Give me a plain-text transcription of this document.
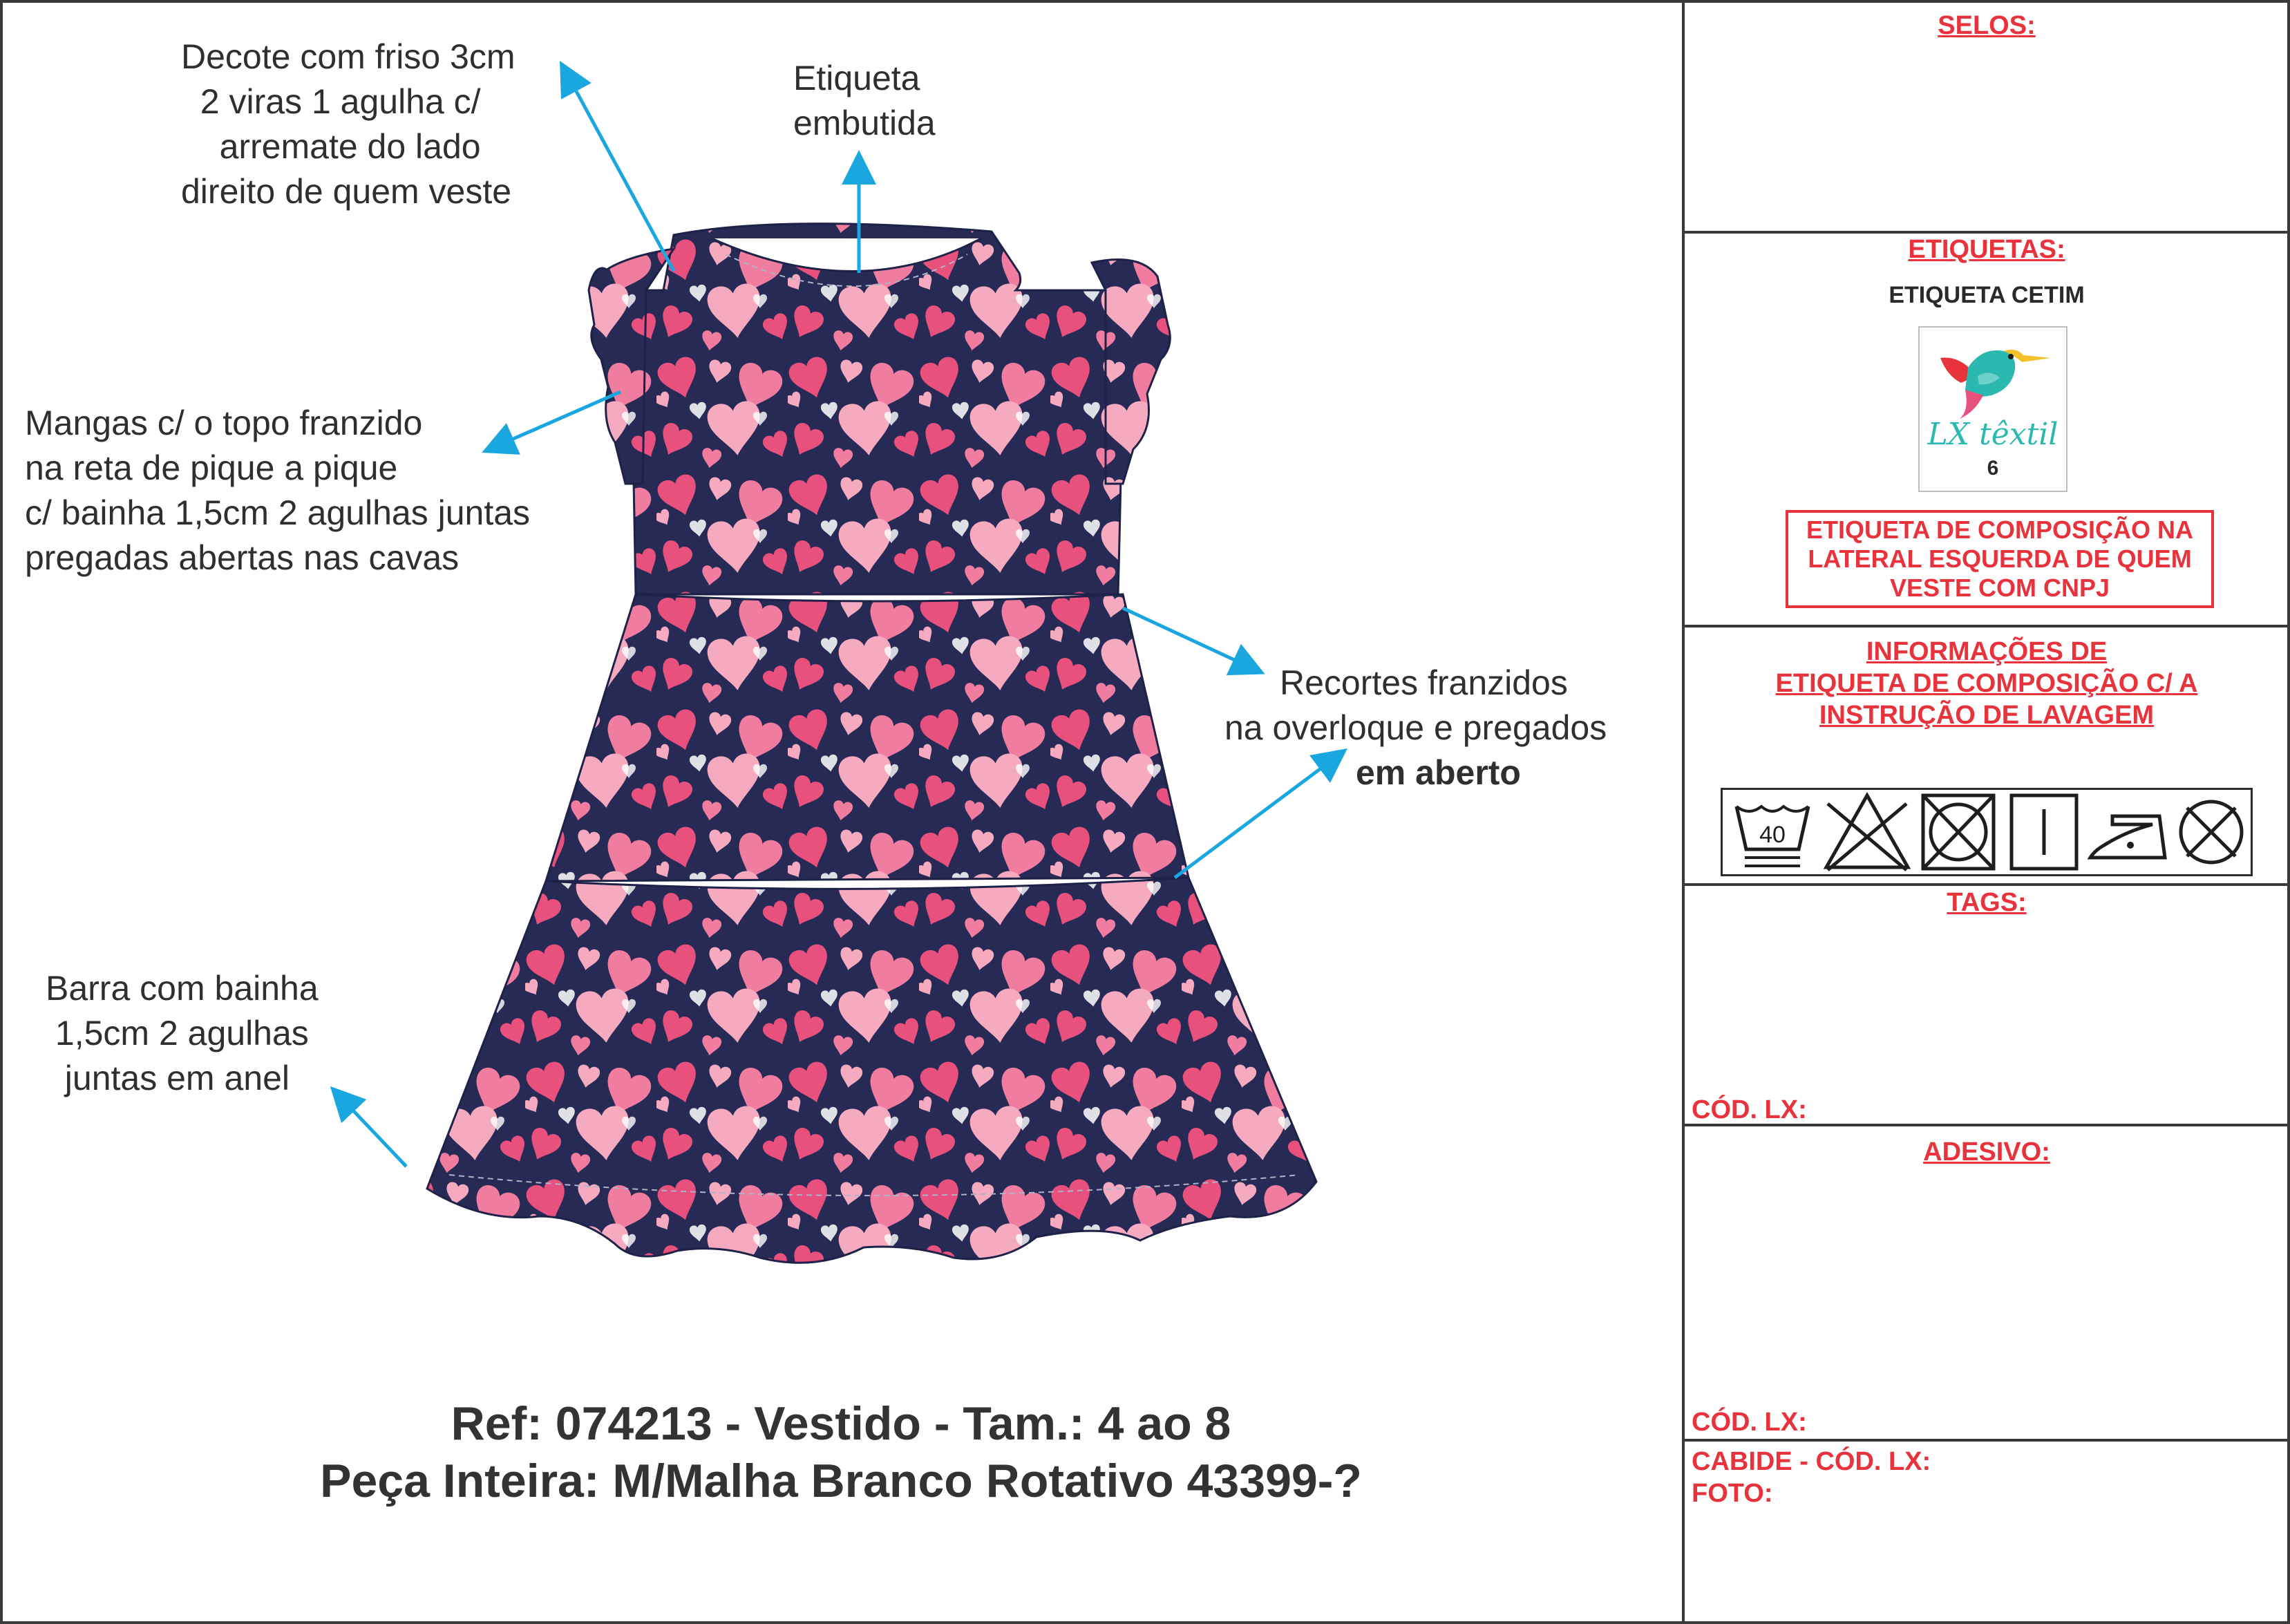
Decote com friso 3cm
2 viras 1 agulha c/
arremate do lado
direito de quem veste
Etiqueta
embutida
Mangas c/ o topo franzido
na reta de pique a pique
c/ bainha 1,5cm 2 agulhas juntas
pregadas abertas nas cavas
Recortes franzidos
na overloque e pregados
em aberto
Barra com bainha
1,5cm 2 agulhas
juntas em anel
Ref: 074213 - Vestido - Tam.: 4 ao 8
Peça Inteira: M/Malha Branco Rotativo 43399-?
SELOS:
ETIQUETAS:
ETIQUETA CETIM
LX têxtil
6
ETIQUETA DE COMPOSIÇÃO NA
LATERAL ESQUERDA DE QUEM
VESTE COM CNPJ
INFORMAÇÕES DE
ETIQUETA DE COMPOSIÇÃO C/ A
INSTRUÇÃO DE LAVAGEM
40
TAGS:
CÓD. LX:
ADESIVO:
CÓD. LX:
CABIDE - CÓD. LX:
FOTO:
